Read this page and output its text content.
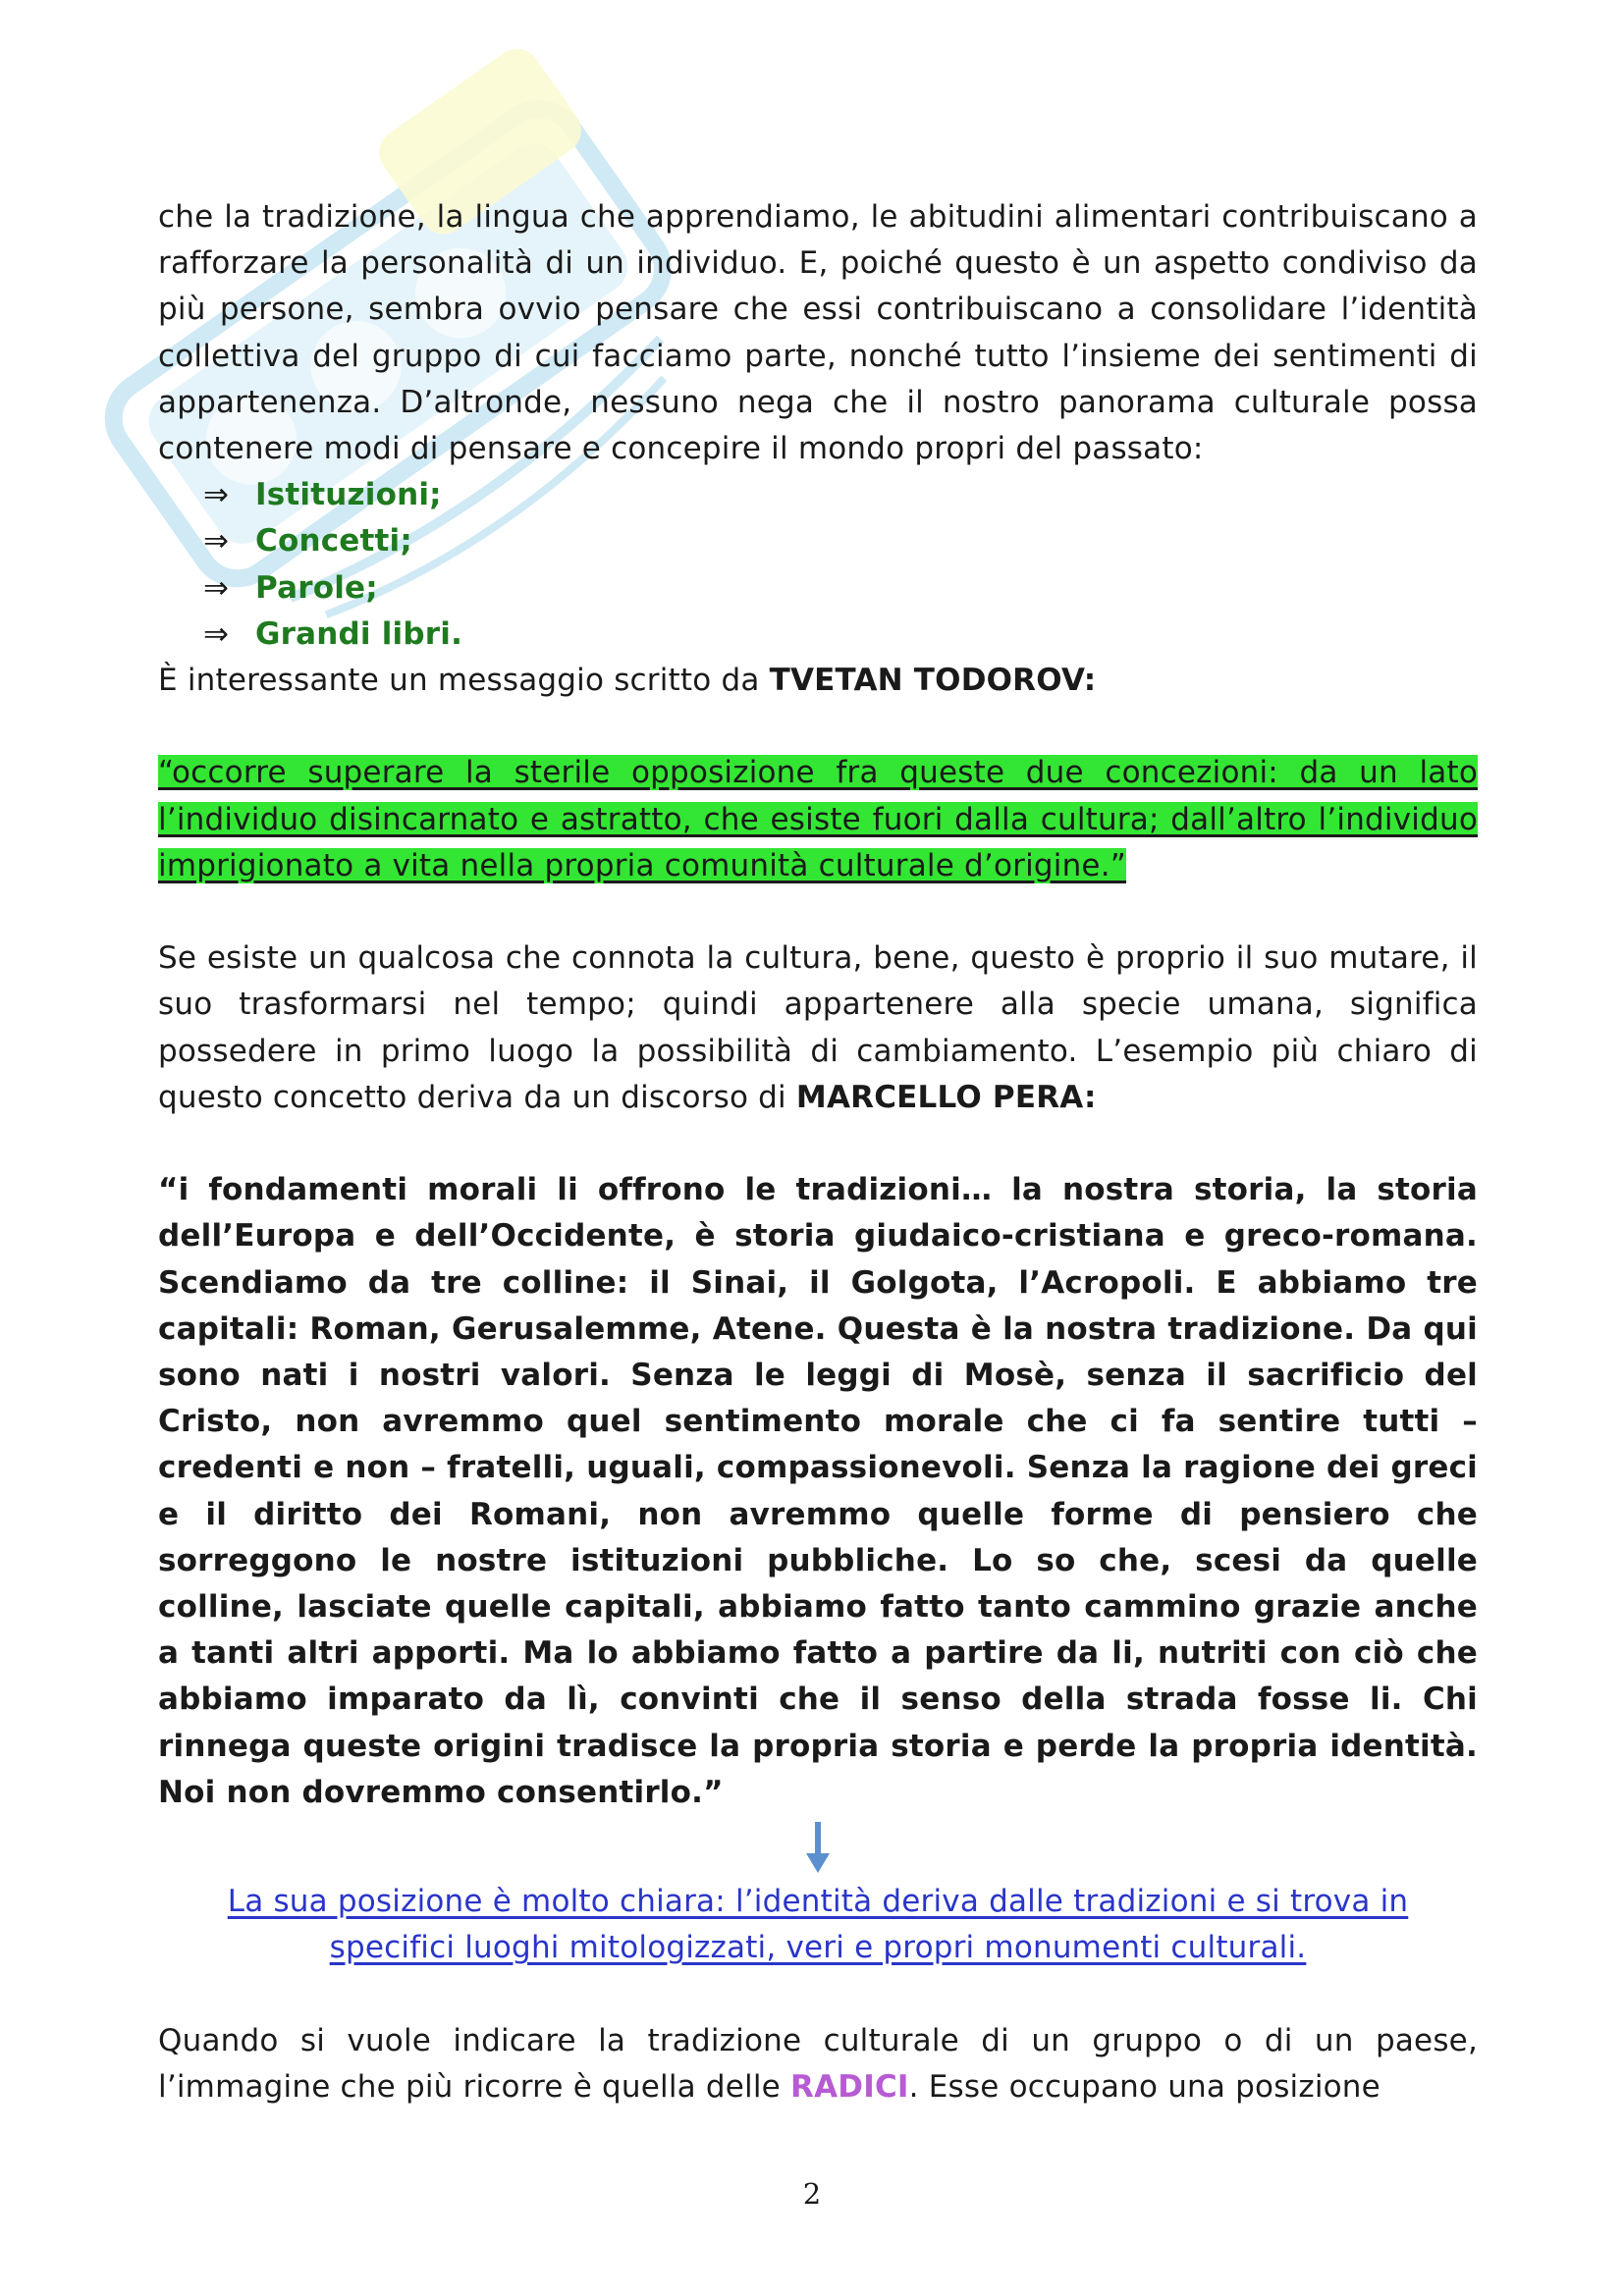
che la tradizione, la lingua che apprendiamo, le abitudini alimentari contribuiscano a rafforzare la personalità di un individuo. E, poiché questo è un aspetto condiviso da più persone, sembra ovvio pensare che essi contribuiscano a consolidare l’identità collettiva del gruppo di cui facciamo parte, nonché tutto l’insieme dei sentimenti di appartenenza. D’altronde, nessuno nega che il nostro panorama culturale possa contenere modi di pensare e concepire il mondo propri del passato:

⇒ Istituzioni;
⇒ Concetti;
⇒ Parole;
⇒ Grandi libri.

È interessante un messaggio scritto da TVETAN TODOROV:

“occorre superare la sterile opposizione fra queste due concezioni: da un lato l’individuo disincarnato e astratto, che esiste fuori dalla cultura; dall’altro l’individuo imprigionato a vita nella propria comunità culturale d’origine.”

Se esiste un qualcosa che connota la cultura, bene, questo è proprio il suo mutare, il suo trasformarsi nel tempo; quindi appartenere alla specie umana, significa possedere in primo luogo la possibilità di cambiamento. L’esempio più chiaro di questo concetto deriva da un discorso di MARCELLO PERA:

“i fondamenti morali li offrono le tradizioni… la nostra storia, la storia dell’Europa e dell’Occidente, è storia giudaico-cristiana e greco-romana. Scendiamo da tre colline: il Sinai, il Golgota, l’Acropoli. E abbiamo tre capitali: Roman, Gerusalemme, Atene. Questa è la nostra tradizione. Da qui sono nati i nostri valori. Senza le leggi di Mosè, senza il sacrificio del Cristo, non avremmo quel sentimento morale che ci fa sentire tutti – credenti e non – fratelli, uguali, compassionevoli. Senza la ragione dei greci e il diritto dei Romani, non avremmo quelle forme di pensiero che sorreggono le nostre istituzioni pubbliche. Lo so che, scesi da quelle colline, lasciate quelle capitali, abbiamo fatto tanto cammino grazie anche a tanti altri apporti. Ma lo abbiamo fatto a partire da li, nutriti con ciò che abbiamo imparato da lì, convinti che il senso della strada fosse li. Chi rinnega queste origini tradisce la propria storia e perde la propria identità. Noi non dovremmo consentirlo.”

La sua posizione è molto chiara: l’identità deriva dalle tradizioni e si trova in specifici luoghi mitologizzati, veri e propri monumenti culturali.

Quando si vuole indicare la tradizione culturale di un gruppo o di un paese, l’immagine che più ricorre è quella delle RADICI. Esse occupano una posizione

2
